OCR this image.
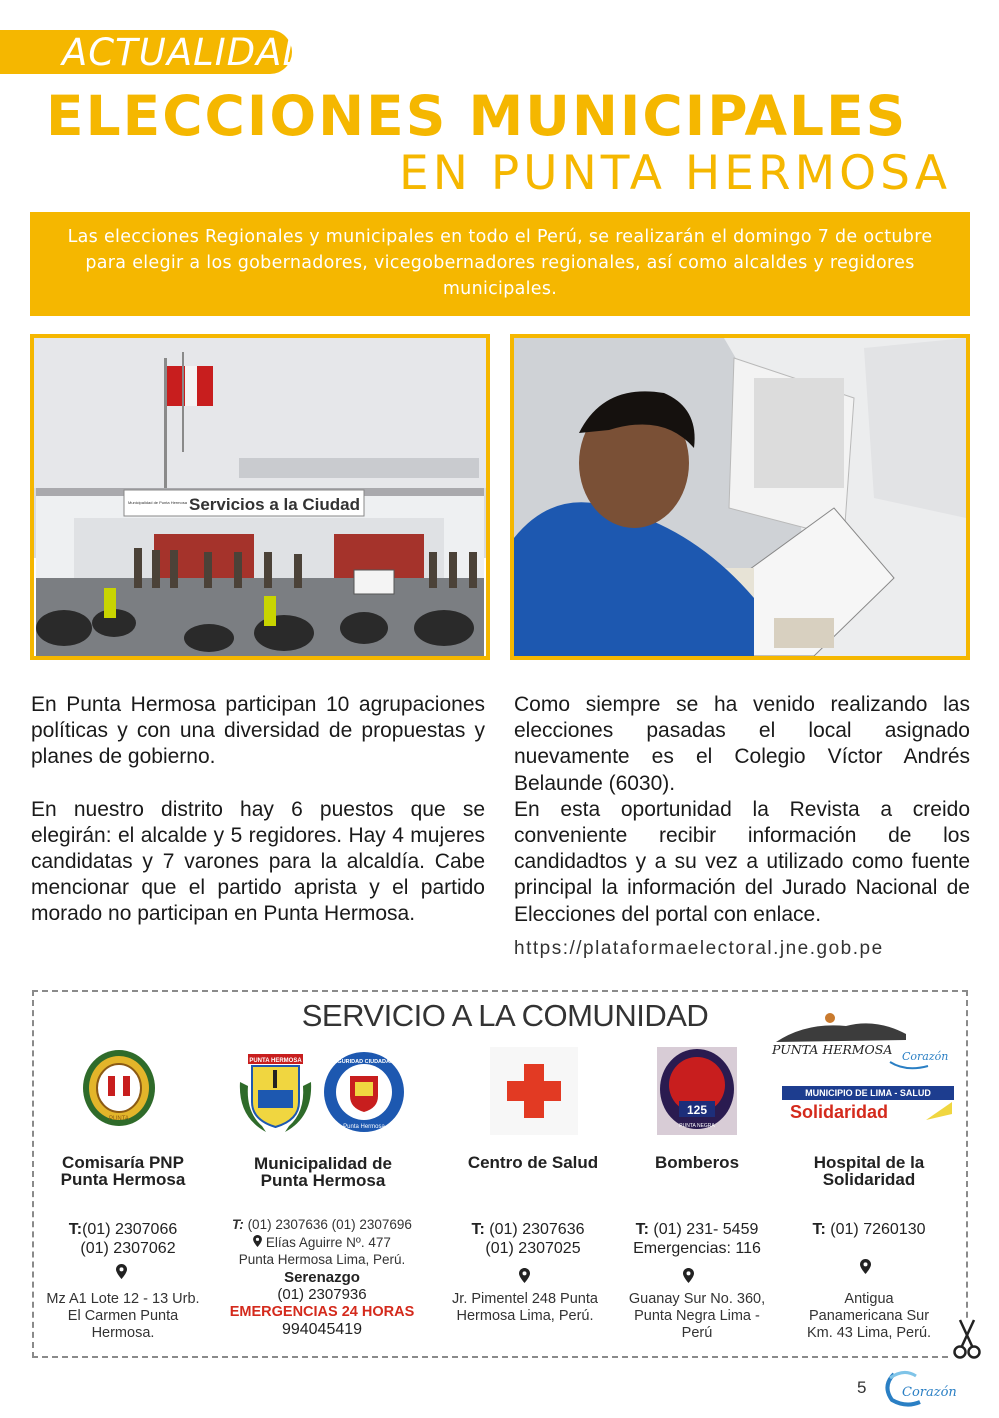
ACTUALIDAD
ELECCIONES MUNICIPALES
EN PUNTA HERMOSA
Las elecciones Regionales y municipales en todo el Perú, se realizarán el domingo 7 de octubre para elegir a los gobernadores, vicegobernadores regionales, así como alcaldes y regidores municipales.
Servicios a la Ciudad
Municipalidad de Punta Hermosa

En Punta Hermosa participan 10 agrupaciones políticas y con una diversidad de propuestas y planes de gobierno.

En nuestro distrito hay 6 puestos que se elegirán: el alcalde y 5 regidores. Hay 4 mujeres candidatas y 7 varones para la alcaldía. Cabe mencionar que el partido aprista y el partido morado no participan en Punta Hermosa.

Como siempre se ha venido realizando las elecciones pasadas el local asignado nuevamente es el Colegio Víctor Andrés Belaunde (6030).

En esta oportunidad la Revista a creido conveniente recibir información de los candidadtos y a su vez a utilizado como fuente principal la información del Jurado Nacional de Elecciones del portal con enlace.

https://plataformaelectoral.jne.gob.pe
SERVICIO A LA COMUNIDAD
PUNTA
PUNTA HERMOSA	SEGURIDAD CIUDADANA
Punta Hermosa
125
PUNTA NEGRA
PUNTA HERMOSA Corazón
MUNICIPIO DE LIMA - SALUD
Solidaridad
Comisaría PNP
Punta Hermosa
Municipalidad de
Punta Hermosa
Centro de Salud	Bomberos	Hospital de la
Solidaridad
T:(01) 2307066
(01) 2307062
Mz A1 Lote 12 - 13 Urb.
El Carmen Punta
Hermosa.
T: (01) 2307636 (01) 2307696
Elías Aguirre Nº. 477
Punta Hermosa Lima, Perú.
Serenazgo
(01) 2307936
EMERGENCIAS 24 HORAS
994045419
T: (01) 2307636
(01) 2307025
Jr. Pimentel 248 Punta
Hermosa Lima, Perú.
T: (01) 231- 5459
Emergencias: 116
Guanay Sur No. 360,
Punta Negra Lima -
Perú
T: (01) 7260130
Antigua
Panamericana Sur
Km. 43 Lima, Perú.
5	Corazón
